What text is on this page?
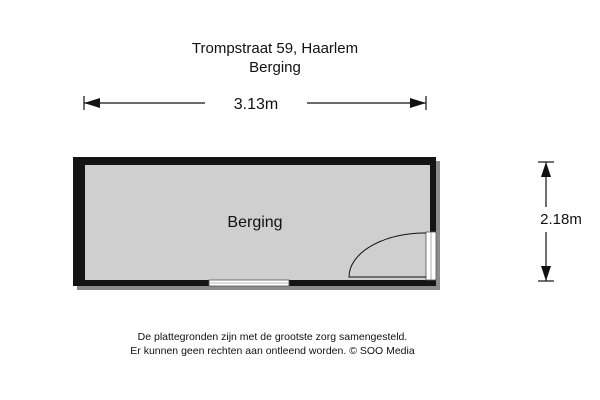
Trompstraat 59, Haarlem
Berging
3.13m
2.18m
Berging
De plattegronden zijn met de grootste zorg samengesteld.
Er kunnen geen rechten aan ontleend worden. © SOO Media
